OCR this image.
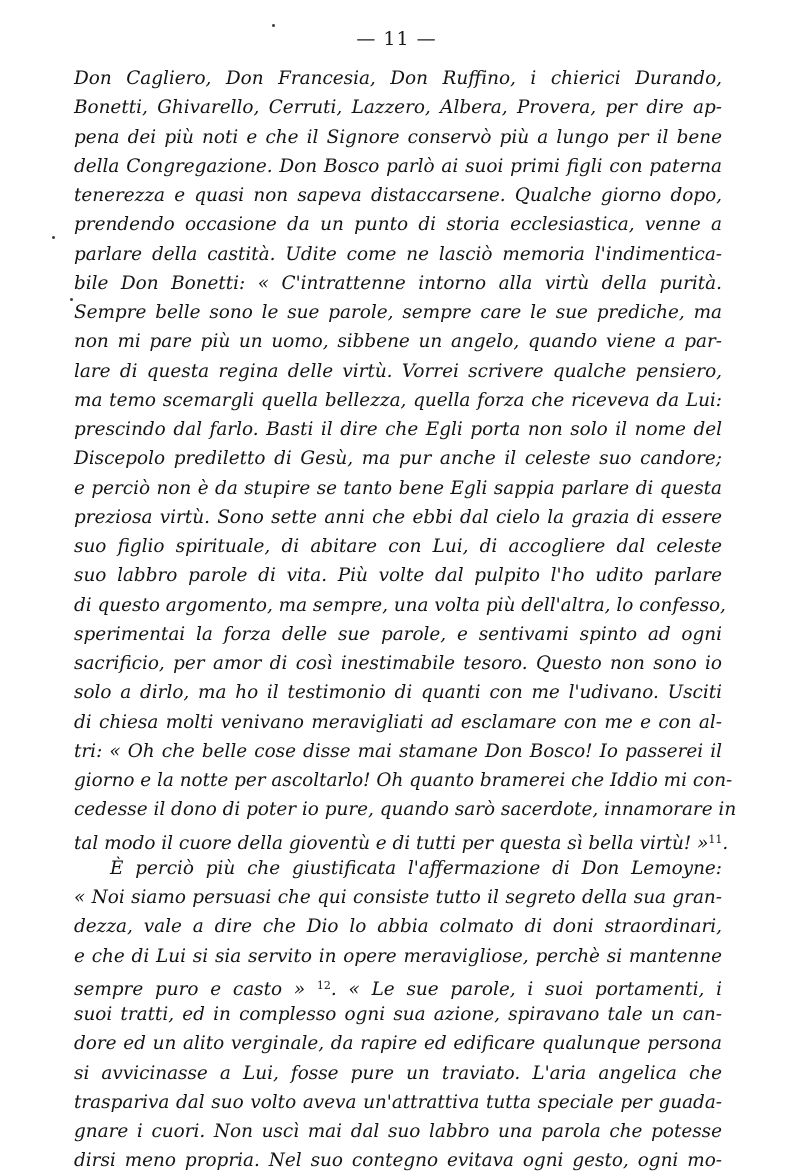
— 11 —
Don Cagliero, Don Francesia, Don Ruffino, i chierici Durando,
Bonetti, Ghivarello, Cerruti, Lazzero, Albera, Provera, per dire ap-
pena dei più noti e che il Signore conservò più a lungo per il bene
della Congregazione. Don Bosco parlò ai suoi primi figli con paterna
tenerezza e quasi non sapeva distaccarsene. Qualche giorno dopo,
prendendo occasione da un punto di storia ecclesiastica, venne a
parlare della castità. Udite come ne lasciò memoria l'indimentica-
bile Don Bonetti: « C'intrattenne intorno alla virtù della purità.
Sempre belle sono le sue parole, sempre care le sue prediche, ma
non mi pare più un uomo, sibbene un angelo, quando viene a par-
lare di questa regina delle virtù. Vorrei scrivere qualche pensiero,
ma temo scemargli quella bellezza, quella forza che riceveva da Lui:
prescindo dal farlo. Basti il dire che Egli porta non solo il nome del
Discepolo prediletto di Gesù, ma pur anche il celeste suo candore;
e perciò non è da stupire se tanto bene Egli sappia parlare di questa
preziosa virtù. Sono sette anni che ebbi dal cielo la grazia di essere
suo figlio spirituale, di abitare con Lui, di accogliere dal celeste
suo labbro parole di vita. Più volte dal pulpito l'ho udito parlare
di questo argomento, ma sempre, una volta più dell'altra, lo confesso,
sperimentai la forza delle sue parole, e sentivami spinto ad ogni
sacrificio, per amor di così inestimabile tesoro. Questo non sono io
solo a dirlo, ma ho il testimonio di quanti con me l'udivano. Usciti
di chiesa molti venivano meravigliati ad esclamare con me e con al-
tri: « Oh che belle cose disse mai stamane Don Bosco! Io passerei il
giorno e la notte per ascoltarlo! Oh quanto bramerei che Iddio mi con-
cedesse il dono di poter io pure, quando sarò sacerdote, innamorare in
tal modo il cuore della gioventù e di tutti per questa sì bella virtù! »$^{11}$.
È perciò più che giustificata l'affermazione di Don Lemoyne:
« Noi siamo persuasi che qui consiste tutto il segreto della sua gran-
dezza, vale a dire che Dio lo abbia colmato di doni straordinari,
e che di Lui si sia servito in opere meravigliose, perchè si mantenne
sempre puro e casto » $^{12}$. « Le sue parole, i suoi portamenti, i
suoi tratti, ed in complesso ogni sua azione, spiravano tale un can-
dore ed un alito verginale, da rapire ed edificare qualunque persona
si avvicinasse a Lui, fosse pure un traviato. L'aria angelica che
traspariva dal suo volto aveva un'attrattiva tutta speciale per guada-
gnare i cuori. Non uscì mai dal suo labbro una parola che potesse
dirsi meno propria. Nel suo contegno evitava ogni gesto, ogni mo-
